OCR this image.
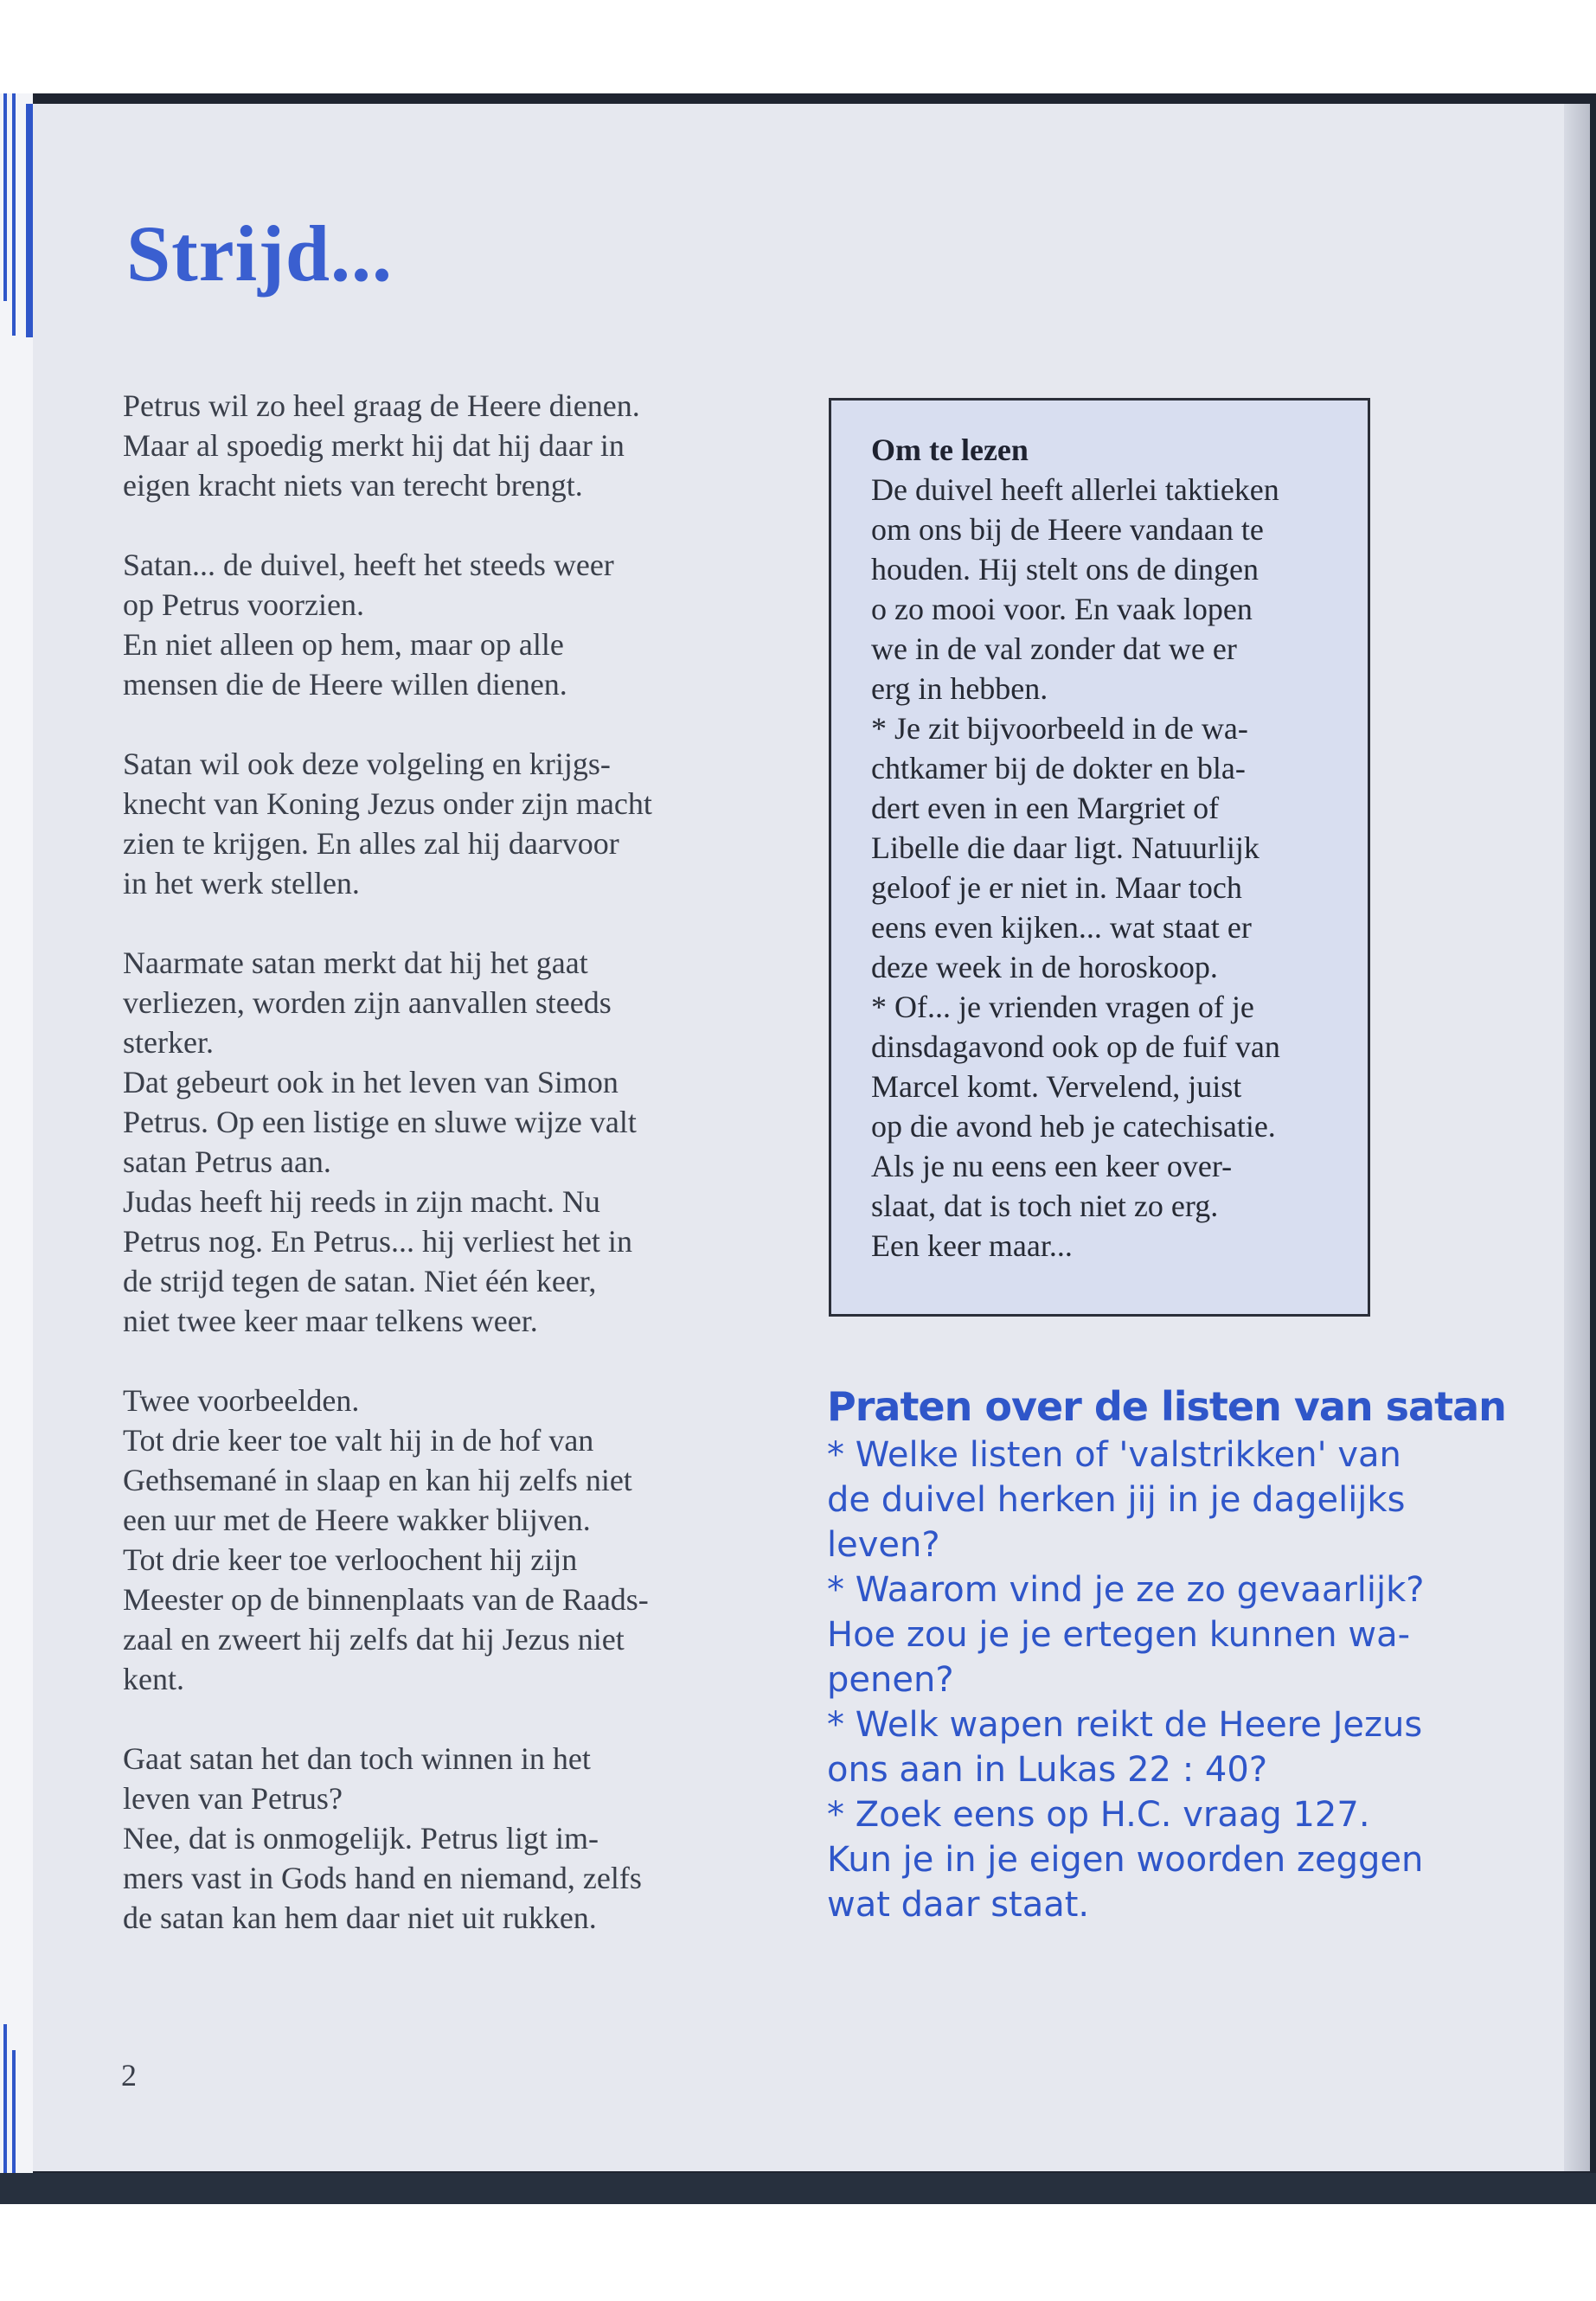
Strijd...

Petrus wil zo heel graag de Heere dienen.
Maar al spoedig merkt hij dat hij daar in
eigen kracht niets van terecht brengt.

Satan... de duivel, heeft het steeds weer
op Petrus voorzien.
En niet alleen op hem, maar op alle
mensen die de Heere willen dienen.

Satan wil ook deze volgeling en krijgs-
knecht van Koning Jezus onder zijn macht
zien te krijgen. En alles zal hij daarvoor
in het werk stellen.

Naarmate satan merkt dat hij het gaat
verliezen, worden zijn aanvallen steeds
sterker.
Dat gebeurt ook in het leven van Simon
Petrus. Op een listige en sluwe wijze valt
satan Petrus aan.
Judas heeft hij reeds in zijn macht. Nu
Petrus nog. En Petrus... hij verliest het in
de strijd tegen de satan. Niet één keer,
niet twee keer maar telkens weer.

Twee voorbeelden.
Tot drie keer toe valt hij in de hof van
Gethsemané in slaap en kan hij zelfs niet
een uur met de Heere wakker blijven.
Tot drie keer toe verloochent hij zijn
Meester op de binnenplaats van de Raads-
zaal en zweert hij zelfs dat hij Jezus niet
kent.

Gaat satan het dan toch winnen in het
leven van Petrus?
Nee, dat is onmogelijk. Petrus ligt im-
mers vast in Gods hand en niemand, zelfs
de satan kan hem daar niet uit rukken.

Om te lezen
De duivel heeft allerlei taktieken
om ons bij de Heere vandaan te
houden. Hij stelt ons de dingen
o zo mooi voor. En vaak lopen
we in de val zonder dat we er
erg in hebben.
* Je zit bijvoorbeeld in de wa-
chtkamer bij de dokter en bla-
dert even in een Margriet of
Libelle die daar ligt. Natuurlijk
geloof je er niet in. Maar toch
eens even kijken... wat staat er
deze week in de horoskoop.
* Of... je vrienden vragen of je
dinsdagavond ook op de fuif van
Marcel komt. Vervelend, juist
op die avond heb je catechisatie.
Als je nu eens een keer over-
slaat, dat is toch niet zo erg.
Een keer maar...
Praten over de listen van satan
* Welke listen of 'valstrikken' van
de duivel herken jij in je dagelijks
leven?
* Waarom vind je ze zo gevaarlijk?
Hoe zou je je ertegen kunnen wa-
penen?
* Welk wapen reikt de Heere Jezus
ons aan in Lukas 22 : 40?
* Zoek eens op H.C. vraag 127.
Kun je in je eigen woorden zeggen
wat daar staat.
2
